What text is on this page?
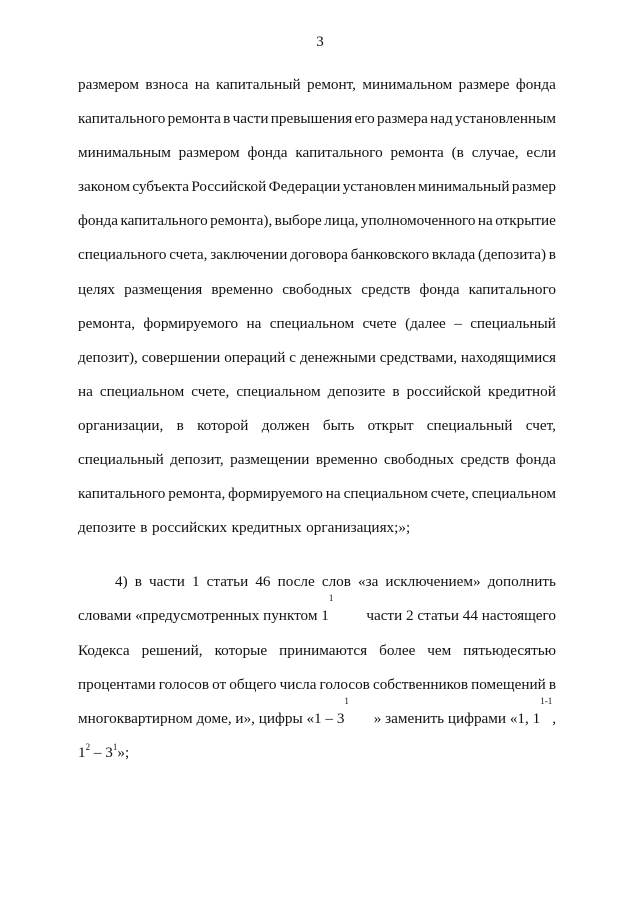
3
размером взноса на капитальный ремонт, минимальном размере фонда
капитального ремонта в части превышения его размера над установленным
минимальным размером фонда капитального ремонта (в случае, если
законом субъекта Российской Федерации установлен минимальный размер
фонда капитального ремонта), выборе лица, уполномоченного на открытие
специального счета, заключении договора банковского вклада (депозита) в
целях размещения временно свободных средств фонда капитального
ремонта, формируемого на специальном счете (далее – специальный
депозит), совершении операций с денежными средствами, находящимися
на специальном счете, специальном депозите в российской кредитной
организации, в которой должен быть открыт специальный счет,
специальный депозит, размещении временно свободных средств фонда
капитального ремонта, формируемого на специальном счете, специальном
депозите в российских кредитных организациях;»;
4) в части 1 статьи 46 после слов «за исключением» дополнить
словами «предусмотренных пунктом 1
$^1$
части 2 статьи 44 настоящего
Кодекса решений, которые принимаются более чем пятьюдесятью
процентами голосов от общего числа голосов собственников помещений в
многоквартирном доме, и», цифры «1 – 3
$^1$
» заменить цифрами «1, 1
$^{1-1}$
,
$1^2 - 3^1$»;
